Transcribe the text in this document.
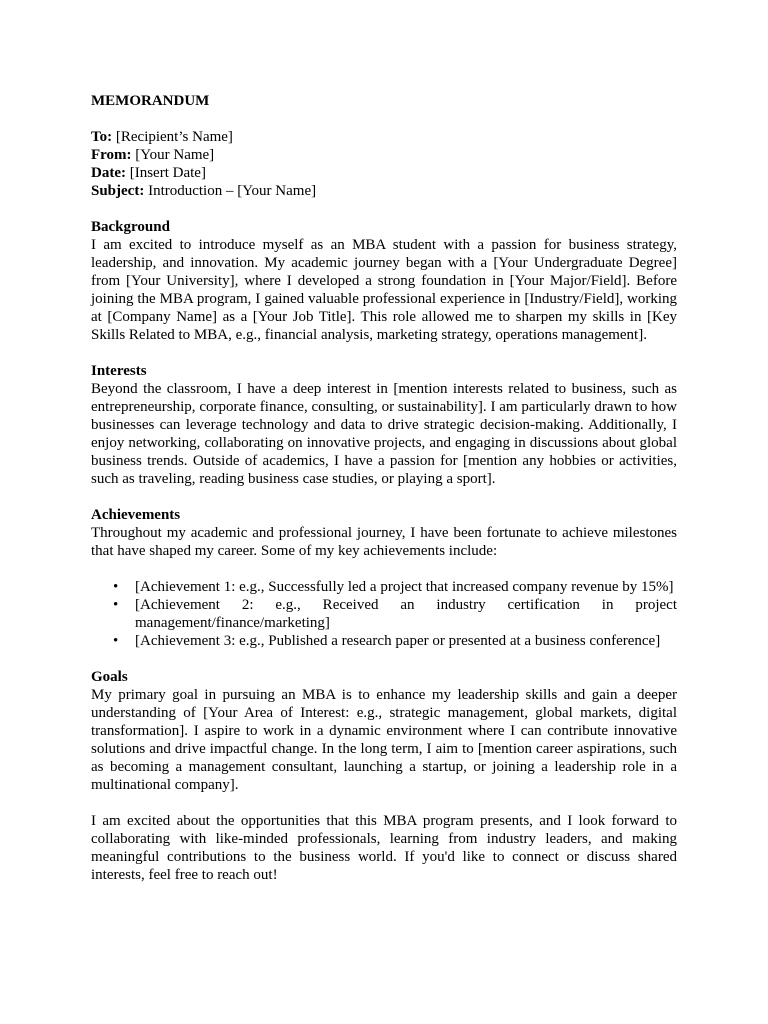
MEMORANDUM

To: [Recipient’s Name]

From: [Your Name]

Date: [Insert Date]

Subject: Introduction – [Your Name]

Background

I am excited to introduce myself as an MBA student with a passion for business strategy, leadership, and innovation. My academic journey began with a [Your Undergraduate Degree] from [Your University], where I developed a strong foundation in [Your Major/Field]. Before joining the MBA program, I gained valuable professional experience in [Industry/Field], working at [Company Name] as a [Your Job Title]. This role allowed me to sharpen my skills in [Key Skills Related to MBA, e.g., financial analysis, marketing strategy, operations management].

Interests

Beyond the classroom, I have a deep interest in [mention interests related to business, such as entrepreneurship, corporate finance, consulting, or sustainability]. I am particularly drawn to how businesses can leverage technology and data to drive strategic decision-making. Additionally, I enjoy networking, collaborating on innovative projects, and engaging in discussions about global business trends. Outside of academics, I have a passion for [mention any hobbies or activities, such as traveling, reading business case studies, or playing a sport].

Achievements

Throughout my academic and professional journey, I have been fortunate to achieve milestones that have shaped my career. Some of my key achievements include:

• [Achievement 1: e.g., Successfully led a project that increased company revenue by 15%]
• [Achievement 2: e.g., Received an industry certification in project management/finance/marketing]
• [Achievement 3: e.g., Published a research paper or presented at a business conference]

Goals

My primary goal in pursuing an MBA is to enhance my leadership skills and gain a deeper understanding of [Your Area of Interest: e.g., strategic management, global markets, digital transformation]. I aspire to work in a dynamic environment where I can contribute innovative solutions and drive impactful change. In the long term, I aim to [mention career aspirations, such as becoming a management consultant, launching a startup, or joining a leadership role in a multinational company].

I am excited about the opportunities that this MBA program presents, and I look forward to collaborating with like-minded professionals, learning from industry leaders, and making meaningful contributions to the business world. If you'd like to connect or discuss shared interests, feel free to reach out!
